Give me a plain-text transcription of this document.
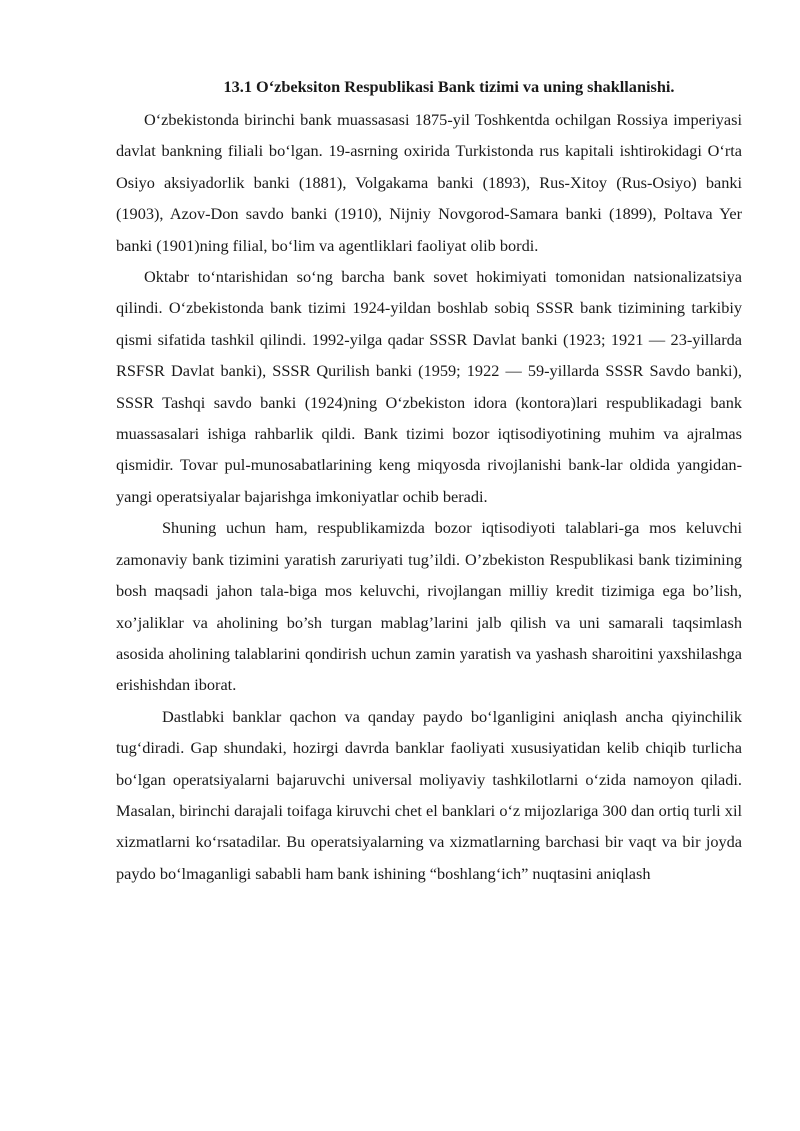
13.1 O‘zbeksiton Respublikasi Bank tizimi va uning shakllanishi.

O‘zbekistonda birinchi bank muassasasi 1875-yil Toshkentda ochilgan Rossiya imperiyasi davlat bankning filiali bo‘lgan. 19-asrning oxirida Turkistonda rus kapitali ishtirokidagi O‘rta Osiyo aksiyadorlik banki (1881), Volgakama banki (1893), Rus-Xitoy (Rus-Osiyo) banki (1903), Azov-Don savdo banki (1910), Nijniy Novgorod-Samara banki (1899), Poltava Yer banki (1901)ning filial, bo‘lim va agentliklari faoliyat olib bordi.

Oktabr to‘ntarishidan so‘ng barcha bank sovet hokimiyati tomonidan natsionalizatsiya qilindi. O‘zbekistonda bank tizimi 1924-yildan boshlab sobiq SSSR bank tizimining tarkibiy qismi sifatida tashkil qilindi. 1992-yilga qadar SSSR Davlat banki (1923; 1921 — 23-yillarda RSFSR Davlat banki), SSSR Qurilish banki (1959; 1922 — 59-yillarda SSSR Savdo banki), SSSR Tashqi savdo banki (1924)ning O‘zbekiston idora (kontora)lari respublikadagi bank muassasalari ishiga rahbarlik qildi. Bank tizimi bozor iqtisodiyotining muhim va ajralmas qismidir. Tovar pul-munosabatlarining keng miqyosda rivojlanishi bank-lar oldida yangidan-yangi operatsiyalar bajarishga imkoniyatlar ochib beradi.

Shuning uchun ham, respublikamizda bozor iqtisodiyoti talablari-ga mos keluvchi zamonaviy bank tizimini yaratish zaruriyati tug’ildi. O’zbekiston Respublikasi bank tizimining bosh maqsadi jahon tala-biga mos keluvchi, rivojlangan milliy kredit tizimiga ega bo’lish, xo’jaliklar va aholining bo’sh turgan mablag’larini jalb qilish va uni samarali taqsimlash asosida aholining talablarini qondirish uchun zamin yaratish va yashash sharoitini yaxshilashga erishishdan iborat.

Dastlabki banklar qachon va qanday paydo bo‘lganligini aniqlash ancha qiyinchilik tug‘diradi. Gap shundaki, hozirgi davrda banklar faoliyati xususiyatidan kelib chiqib turlicha bo‘lgan operatsiyalarni bajaruvchi universal moliyaviy tashkilotlarni o‘zida namoyon qiladi. Masalan, birinchi darajali toifaga kiruvchi chet el banklari o‘z mijozlariga 300 dan ortiq turli xil xizmatlarni ko‘rsatadilar. Bu operatsiyalarning va xizmatlarning barchasi bir vaqt va bir joyda paydo bo‘lmaganligi sababli ham bank ishining “boshlang‘ich” nuqtasini aniqlash
